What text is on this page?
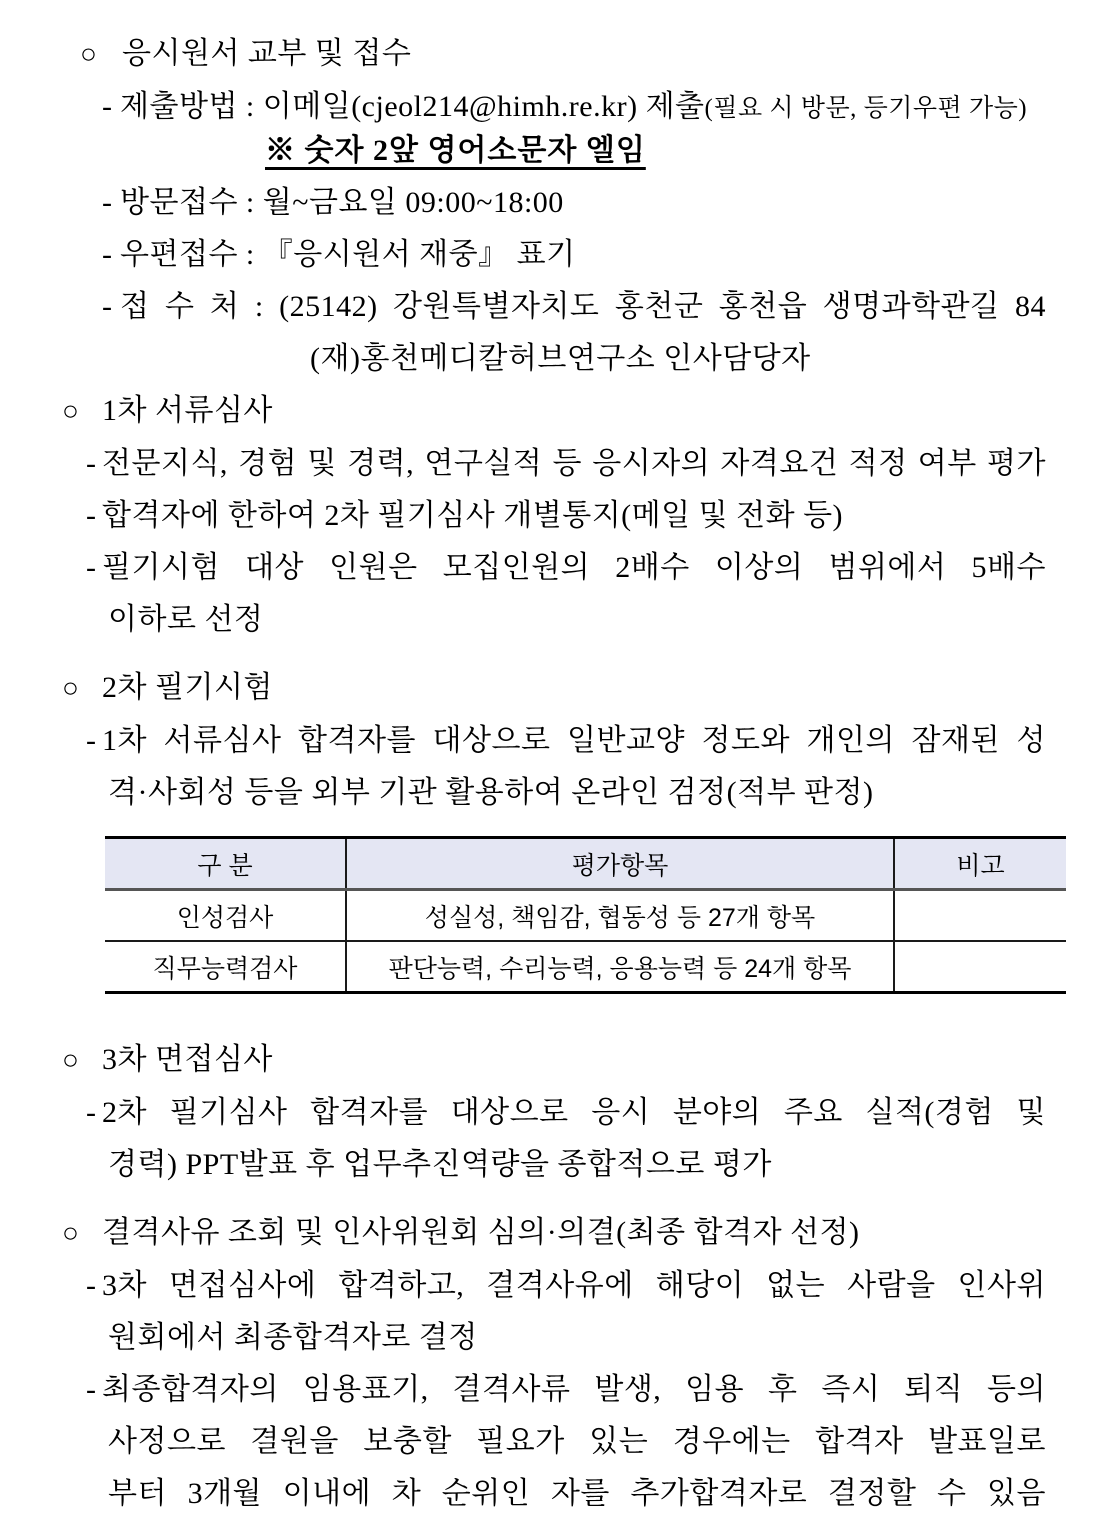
○ 응시원서 교부 및 접수
- 제출방법 : 이메일(cjeol214@himh.re.kr) 제출(필요 시 방문, 등기우편 가능)
※ 숫자 2앞 영어소문자 엘임
- 방문접수 : 월~금요일 09:00~18:00
- 우편접수 : 『응시원서 재중』 표기
- 접 수 처 : (25142) 강원특별자치도 홍천군 홍천읍 생명과학관길 84
(재)홍천메디칼허브연구소 인사담당자
○ 1차 서류심사
- 전문지식, 경험 및 경력, 연구실적 등 응시자의 자격요건 적정 여부 평가
- 합격자에 한하여 2차 필기심사 개별통지(메일 및 전화 등)
- 필기시험 대상 인원은 모집인원의 2배수 이상의 범위에서 5배수
이하로 선정
○ 2차 필기시험
- 1차 서류심사 합격자를 대상으로 일반교양 정도와 개인의 잠재된 성
격·사회성 등을 외부 기관 활용하여 온라인 검정(적부 판정)
구 분	평가항목	비고
인성검사	성실성, 책임감, 협동성 등 27개 항목	
직무능력검사	판단능력, 수리능력, 응용능력 등 24개 항목	
○ 3차 면접심사
- 2차 필기심사 합격자를 대상으로 응시 분야의 주요 실적(경험 및
경력) PPT발표 후 업무추진역량을 종합적으로 평가
○ 결격사유 조회 및 인사위원회 심의·의결(최종 합격자 선정)
- 3차 면접심사에 합격하고, 결격사유에 해당이 없는 사람을 인사위
원회에서 최종합격자로 결정
- 최종합격자의 임용표기, 결격사류 발생, 임용 후 즉시 퇴직 등의
사정으로 결원을 보충할 필요가 있는 경우에는 합격자 발표일로
부터 3개월 이내에 차 순위인 자를 추가합격자로 결정할 수 있음
